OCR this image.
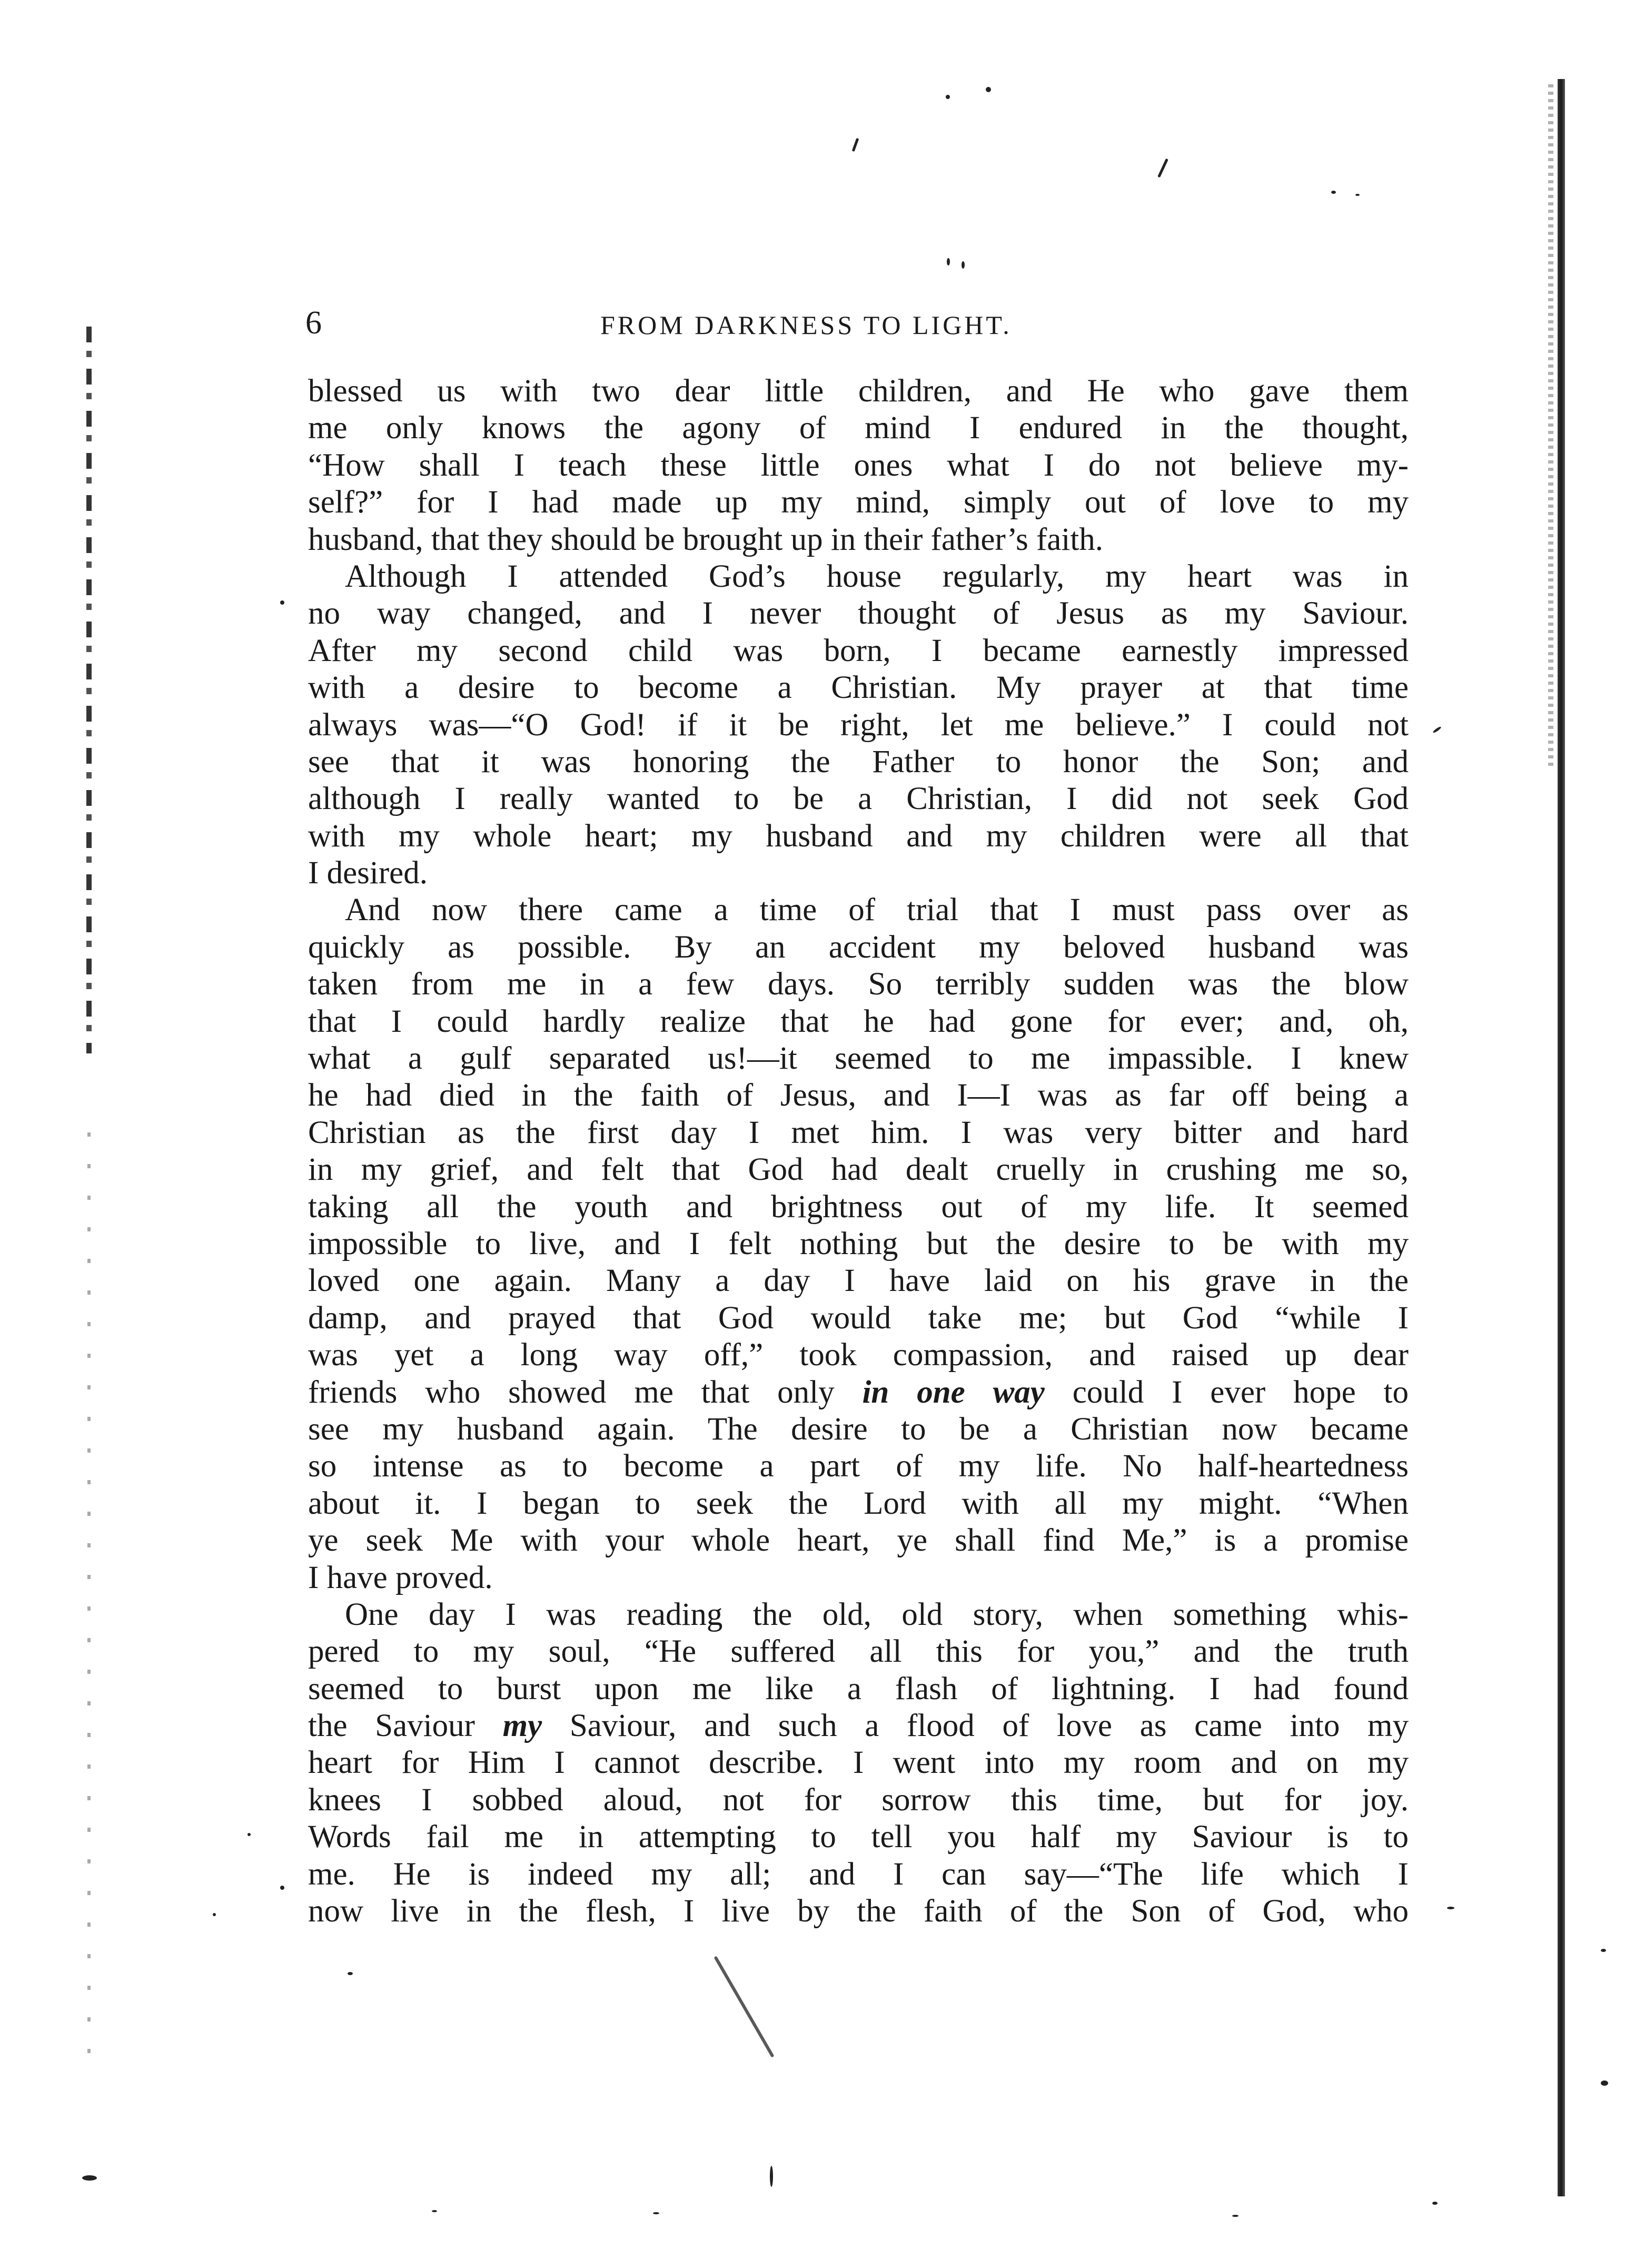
6	FROM DARKNESS TO LIGHT.
blessed us with two dear little children, and He who gave them
me only knows the agony of mind I endured in the thought,
“How shall I teach these little ones what I do not believe my-
self?” for I had made up my mind, simply out of love to my
husband, that they should be brought up in their father’s faith.
Although I attended God’s house regularly, my heart was in
no way changed, and I never thought of Jesus as my Saviour.
After my second child was born, I became earnestly impressed
with a desire to become a Christian. My prayer at that time
always was—“O God! if it be right, let me believe.” I could not
see that it was honoring the Father to honor the Son; and
although I really wanted to be a Christian, I did not seek God
with my whole heart; my husband and my children were all that
I desired.
And now there came a time of trial that I must pass over as
quickly as possible. By an accident my beloved husband was
taken from me in a few days. So terribly sudden was the blow
that I could hardly realize that he had gone for ever; and, oh,
what a gulf separated us!—it seemed to me impassible. I knew
he had died in the faith of Jesus, and I—I was as far off being a
Christian as the first day I met him. I was very bitter and hard
in my grief, and felt that God had dealt cruelly in crushing me so,
taking all the youth and brightness out of my life. It seemed
impossible to live, and I felt nothing but the desire to be with my
loved one again. Many a day I have laid on his grave in the
damp, and prayed that God would take me; but God “while I
was yet a long way off,” took compassion, and raised up dear
friends who showed me that only in one way could I ever hope to
see my husband again. The desire to be a Christian now became
so intense as to become a part of my life. No half-heartedness
about it. I began to seek the Lord with all my might. “When
ye seek Me with your whole heart, ye shall find Me,” is a promise
I have proved.
One day I was reading the old, old story, when something whis-
pered to my soul, “He suffered all this for you,” and the truth
seemed to burst upon me like a flash of lightning. I had found
the Saviour my Saviour, and such a flood of love as came into my
heart for Him I cannot describe. I went into my room and on my
knees I sobbed aloud, not for sorrow this time, but for joy.
Words fail me in attempting to tell you half my Saviour is to
me. He is indeed my all; and I can say—“The life which I
now live in the flesh, I live by the faith of the Son of God, who
